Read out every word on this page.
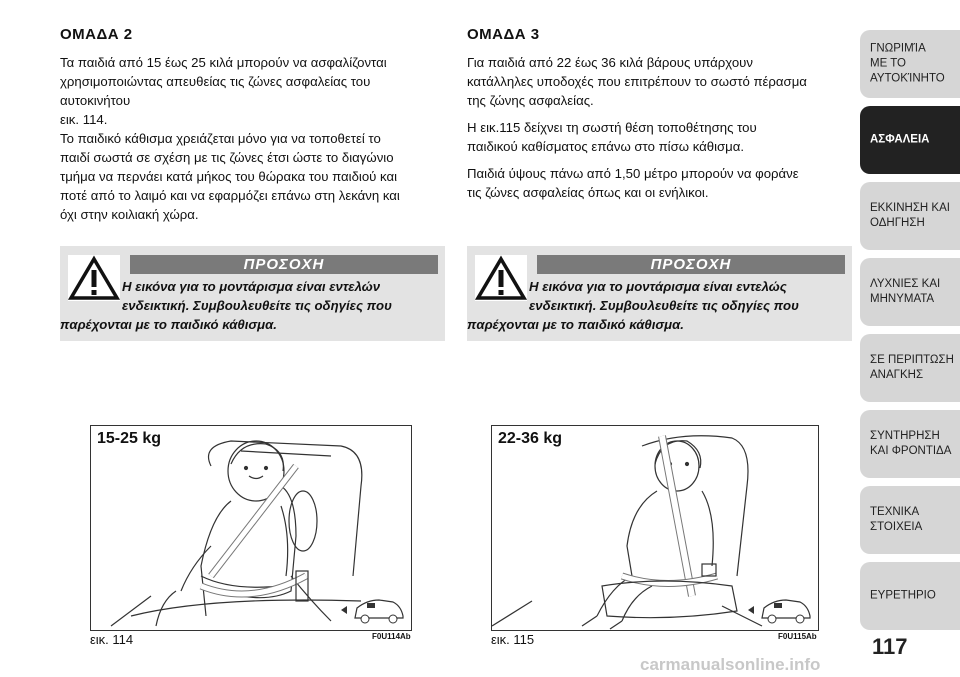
ΟΜΑΔΑ 2

Τα παιδιά από 15 έως 25 κιλά μπορούν να ασφαλίζονται
χρησιμοποιώντας απευθείας τις ζώνες ασφαλείας του
αυτοκινήτου
εικ. 114.
Το παιδικό κάθισμα χρειάζεται μόνο για να τοποθετεί το
παιδί σωστά σε σχέση με τις ζώνες έτσι ώστε το διαγώνιο
τμήμα να περνάει κατά μήκος του θώρακα του παιδιού και
ποτέ από το λαιμό και να εφαρμόζει επάνω στη λεκάνη και
όχι στην κοιλιακή χώρα.

ΟΜΑΔΑ 3

Για παιδιά από 22 έως 36 κιλά βάρους υπάρχουν
κατάλληλες υποδοχές που επιτρέπουν το σωστό πέρασμα
της ζώνης ασφαλείας.

Η εικ.115 δείχνει τη σωστή θέση τοποθέτησης του
παιδικού καθίσματος επάνω στο πίσω κάθισμα.

Παιδιά ύψους πάνω από 1,50 μέτρο μπορούν να φοράνε
τις ζώνες ασφαλείας όπως και οι ενήλικοι.

ΠΡΟΣΟΧΗ
Η εικόνα για το μοντάρισμα είναι εντελών
ενδεικτική. Συμβουλευθείτε τις οδηγίες που
παρέχονται με το παιδικό κάθισμα.
ΠΡΟΣΟΧΗ
Η εικόνα για το μοντάρισμα είναι εντελώς
ενδεικτική. Συμβουλευθείτε τις οδηγίες που
παρέχονται με το παιδικό κάθισμα.
15-25 kg
εικ. 114	F0U114Ab
22-36 kg
εικ. 115	F0U115Ab
ΓΝΩΡΙΜΊΑ
ΜΕ ΤΟ
ΑΥΤΟΚΊΝΗΤΟ
ΑΣΦΑΛΕΙΑ
ΕΚΚΙΝΗΣΗ ΚΑΙ
ΟΔΗΓΗΣΗ
ΛΥΧΝΙΕΣ ΚΑΙ
ΜΗΝΥΜΑΤΑ
ΣΕ ΠΕΡΙΠΤΩΣΗ
ΑΝΑΓΚΗΣ
ΣΥΝΤΗΡΗΣΗ
ΚΑΙ ΦΡΟΝΤΙΔΑ
ΤΕΧΝΙΚΑ
ΣΤΟΙΧΕΙΑ
ΕΥΡΕΤΗΡΙΟ
117
carmanualsonline.info
